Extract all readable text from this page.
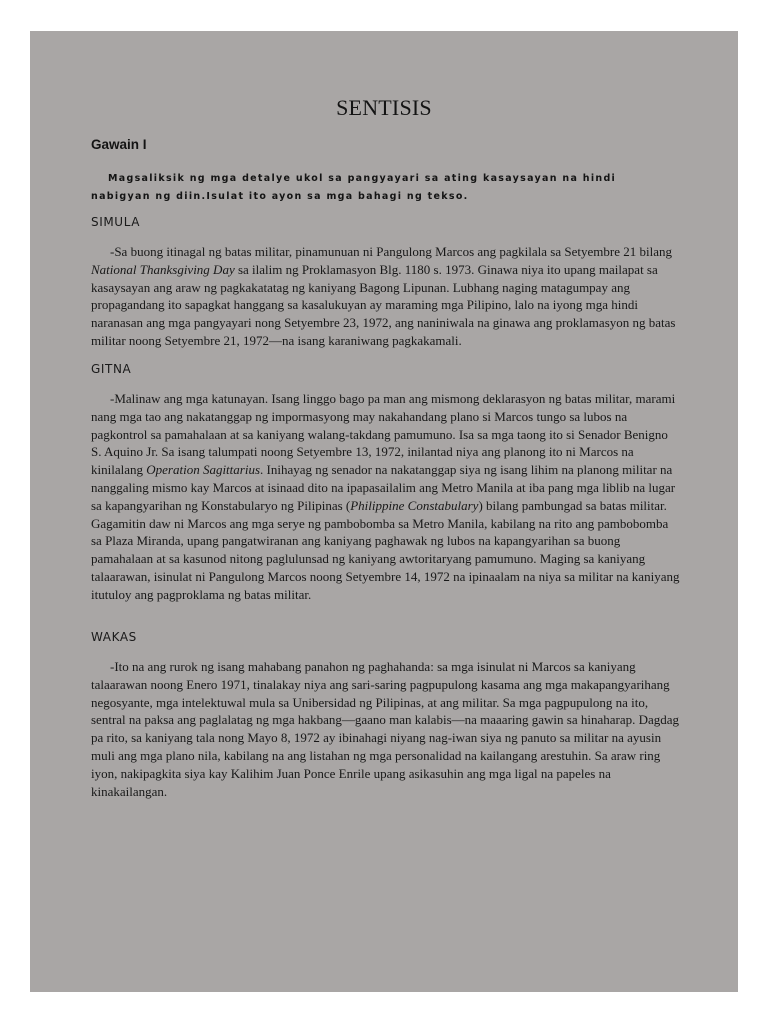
SENTISIS
Gawain I

Magsaliksik ng mga detalye ukol sa pangyayari sa ating kasaysayan na hindi nabigyan ng diin.Isulat ito ayon sa mga bahagi ng tekso.

SIMULA

-Sa buong itinagal ng batas militar, pinamunuan ni Pangulong Marcos ang pagkilala sa Setyembre 21 bilang National Thanksgiving Day sa ilalim ng Proklamasyon Blg. 1180 s. 1973. Ginawa niya ito upang mailapat sa kasaysayan ang araw ng pagkakatatag ng kaniyang Bagong Lipunan. Lubhang naging matagumpay ang propagandang ito sapagkat hanggang sa kasalukuyan ay maraming mga Pilipino, lalo na iyong mga hindi naranasan ang mga pangyayari nong Setyembre 23, 1972, ang naniniwala na ginawa ang proklamasyon ng batas militar noong Setyembre 21, 1972—na isang karaniwang pagkakamali.

GITNA

-Malinaw ang mga katunayan. Isang linggo bago pa man ang mismong deklarasyon ng batas militar, marami nang mga tao ang nakatanggap ng impormasyong may nakahandang plano si Marcos tungo sa lubos na pagkontrol sa pamahalaan at sa kaniyang walang-takdang pamumuno. Isa sa mga taong ito si Senador Benigno S. Aquino Jr. Sa isang talumpati noong Setyembre 13, 1972, inilantad niya ang planong ito ni Marcos na kinilalang Operation Sagittarius. Inihayag ng senador na nakatanggap siya ng isang lihim na planong militar na nanggaling mismo kay Marcos at isinaad dito na ipapasailalim ang Metro Manila at iba pang mga liblib na lugar sa kapangyarihan ng Konstabularyo ng Pilipinas (Philippine Constabulary) bilang pambungad sa batas militar. Gagamitin daw ni Marcos ang mga serye ng pambobomba sa Metro Manila, kabilang na rito ang pambobomba sa Plaza Miranda, upang pangatwiranan ang kaniyang paghawak ng lubos na kapangyarihan sa buong pamahalaan at sa kasunod nitong paglulunsad ng kaniyang awtoritaryang pamumuno. Maging sa kaniyang talaarawan, isinulat ni Pangulong Marcos noong Setyembre 14, 1972 na ipinaalam na niya sa militar na kaniyang itutuloy ang pagproklama ng batas militar.

WAKAS

-Ito na ang rurok ng isang mahabang panahon ng paghahanda: sa mga isinulat ni Marcos sa kaniyang talaarawan noong Enero 1971, tinalakay niya ang sari-saring pagpupulong kasama ang mga makapangyarihang negosyante, mga intelektuwal mula sa Unibersidad ng Pilipinas, at ang militar. Sa mga pagpupulong na ito, sentral na paksa ang paglalatag ng mga hakbang—gaano man kalabis—na maaaring gawin sa hinaharap. Dagdag pa rito, sa kaniyang tala nong Mayo 8, 1972 ay ibinahagi niyang nag-iwan siya ng panuto sa militar na ayusin muli ang mga plano nila, kabilang na ang listahan ng mga personalidad na kailangang arestuhin. Sa araw ring iyon, nakipagkita siya kay Kalihim Juan Ponce Enrile upang asikasuhin ang mga ligal na papeles na kinakailangan.
